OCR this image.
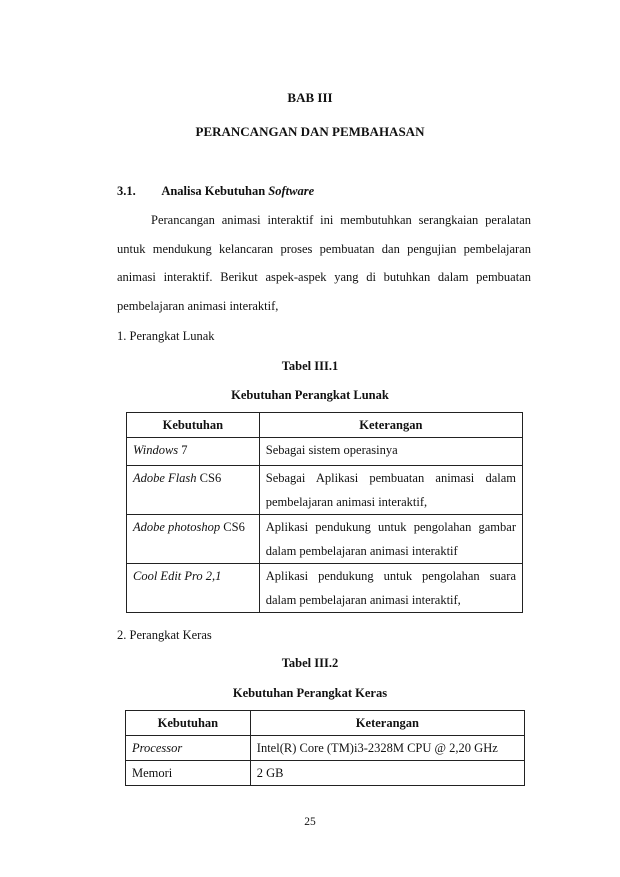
BAB III
PERANCANGAN DAN PEMBAHASAN
3.1. Analisa Kebutuhan Software
Perancangan animasi interaktif ini membutuhkan serangkaian peralatan
untuk mendukung kelancaran proses pembuatan dan pengujian pembelajaran
animasi interaktif. Berikut aspek-aspek yang di butuhkan dalam pembuatan
pembelajaran animasi interaktif,
1. Perangkat Lunak
Tabel III.1
Kebutuhan Perangkat Lunak
Kebutuhan	Keterangan
Windows 7	Sebagai sistem operasinya

Adobe Flash CS6	Sebagai Aplikasi pembuatan animasi dalam
pembelajaran animasi interaktif,

Adobe photoshop CS6	Aplikasi pendukung untuk pengolahan gambar
dalam pembelajaran animasi interaktif

Cool Edit Pro 2,1	Aplikasi pendukung untuk pengolahan suara
dalam pembelajaran animasi interaktif,
2. Perangkat Keras
Tabel III.2
Kebutuhan Perangkat Keras
Kebutuhan	Keterangan
Processor	Intel(R) Core (TM)i3-2328M CPU @ 2,20 GHz
Memori	2 GB
25
